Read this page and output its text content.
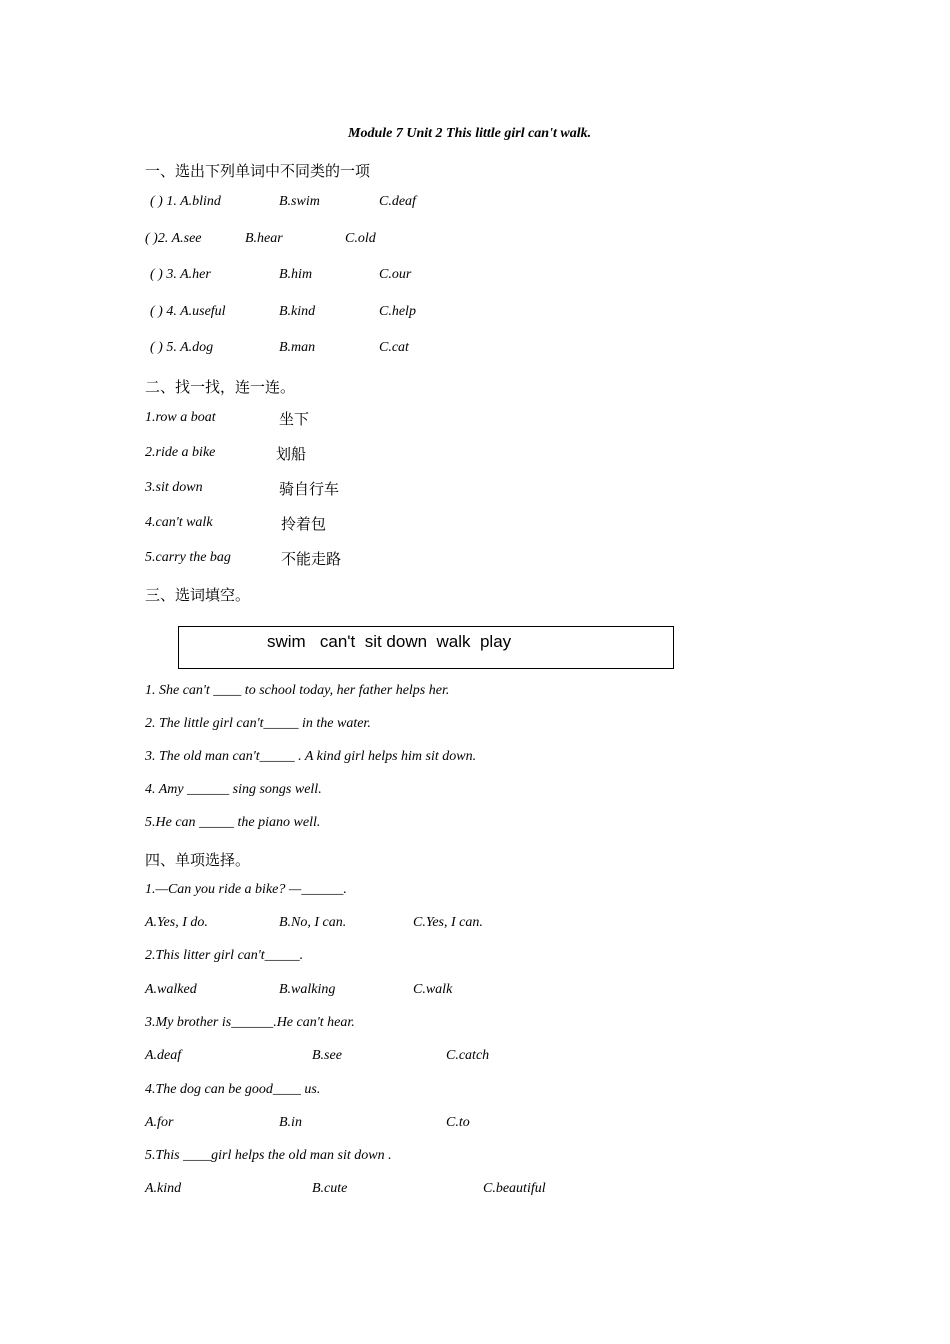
Module 7 Unit 2 This little girl can't walk.
一、选出下列单词中不同类的一项
( ) 1. A.blind	B.swim	C.deaf
( )2. A.see	B.hear	C.old
( ) 3. A.her	B.him	C.our
( ) 4. A.useful	B.kind	C.help
( ) 5. A.dog	B.man	C.cat
二、找一找，连一连。
1.row a boat	坐下
2.ride a bike	划船
3.sit down	骑自行车
4.can't walk	拎着包
5.carry the bag	不能走路
三、选词填空。
swim   can't  sit down  walk  play
1. She can't ____ to school today, her father helps her.
2. The little girl can't_____ in the water.
3. The old man can't_____ . A kind girl helps him sit down.
4. Amy ______ sing songs well.
5.He can _____ the piano well.
四、单项选择。
1.—Can you ride a bike? —______.
A.Yes, I do.	B.No, I can.	C.Yes, I can.
2.This litter girl can't_____.
A.walked	B.walking	C.walk
3.My brother is______.He can't hear.
A.deaf	B.see	C.catch
4.The dog can be good____ us.
A.for	B.in	C.to
5.This ____girl helps the old man sit down .
A.kind	B.cute	C.beautiful
